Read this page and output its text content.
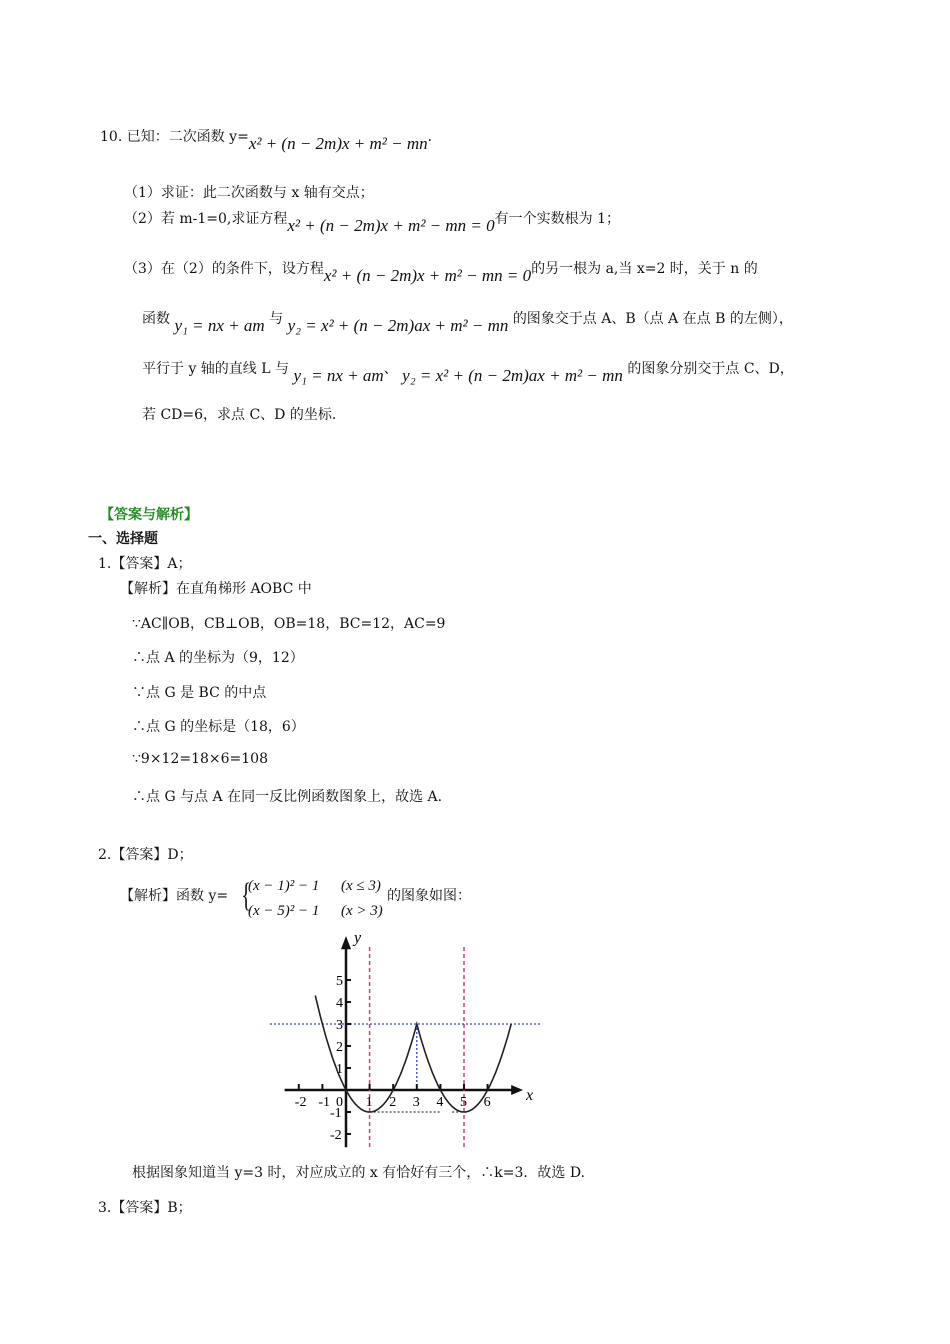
10. 已知：二次函数 y=x² + (n − 2m)x + m² − mn．
（1）求证：此二次函数与 x 轴有交点；
（2）若 m-1=0,求证方程x² + (n − 2m)x + m² − mn = 0有一个实数根为 1；
（3）在（2）的条件下，设方程x² + (n − 2m)x + m² − mn = 0的另一根为 a,当 x=2 时，关于 n 的
函数 y₁ = nx + am 与 y₂ = x² + (n − 2m)ax + m² − mn 的图象交于点 A、B（点 A 在点 B 的左侧），
平行于 y 轴的直线 L 与 y₁ = nx + am、 y₂ = x² + (n − 2m)ax + m² − mn 的图象分别交于点 C、D，
若 CD=6，求点 C、D 的坐标.
【答案与解析】
一、选择题
1.【答案】A；
【解析】在直角梯形 AOBC 中
∵AC∥OB，CB⊥OB，OB=18，BC=12，AC=9
∴点 A 的坐标为（9，12）
∵点 G 是 BC 的中点
∴点 G 的坐标是（18，6）
∵9×12=18×6=108
∴点 G 与点 A 在同一反比例函数图象上，故选 A.
2.【答案】D；
【解析】函数 y= {
(x − 1)² − 1 (x ≤ 3)
(x − 5)² − 1 (x > 3)
的图象如图：
-2 -1 0 1 2 3 4 5 6
5
4
3
2
1
-1
-2
x
y
根据图象知道当 y=3 时，对应成立的 x 有恰好有三个，∴k=3．故选 D.
3.【答案】B；
